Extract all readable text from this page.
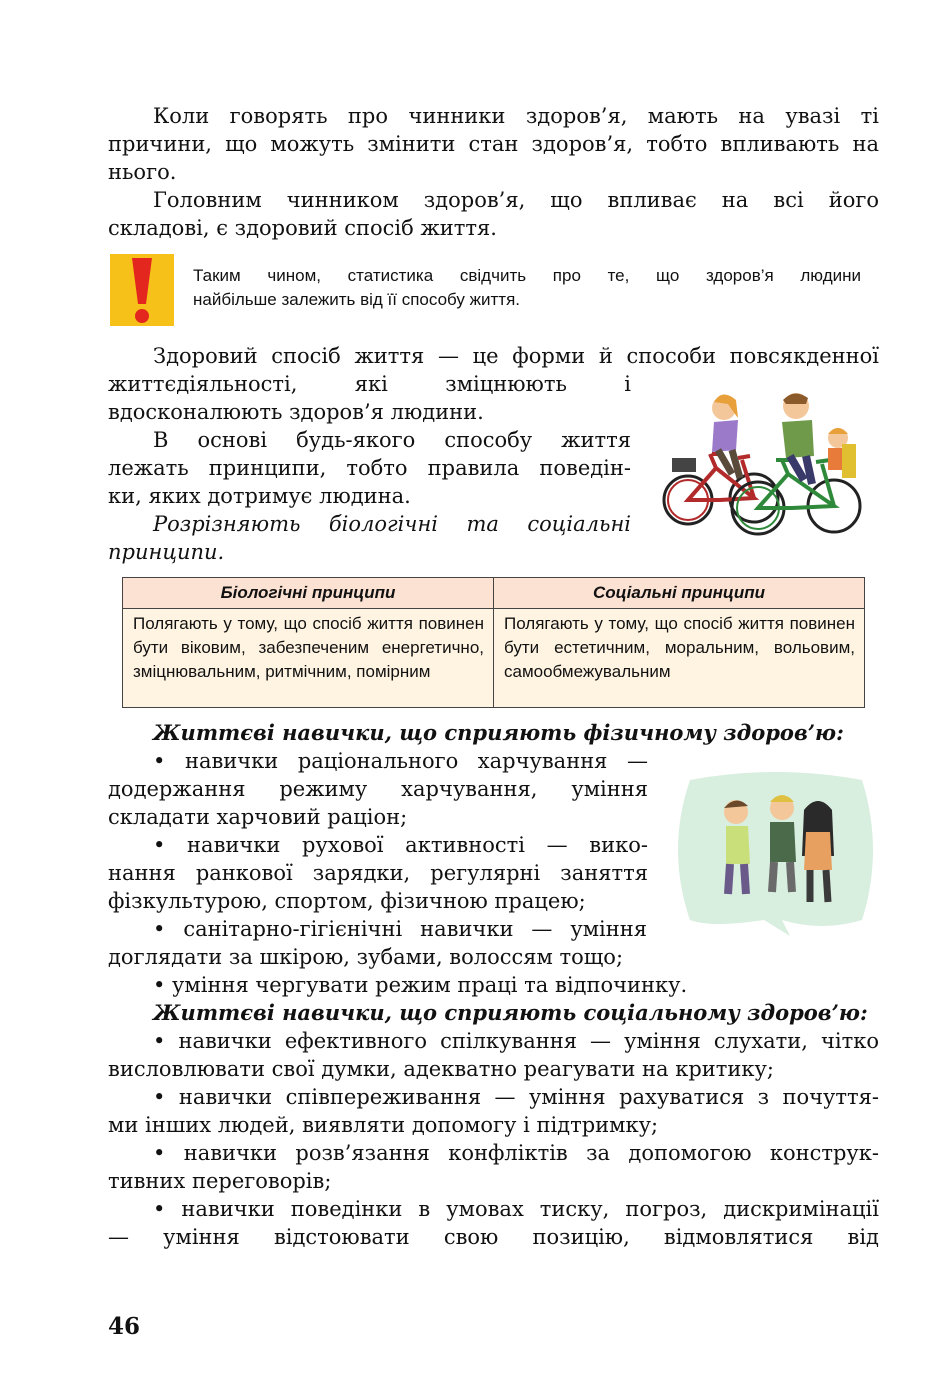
Коли говорять про чинники здоров’я, мають на увазі ті
причини, що можуть змінити стан здоров’я, тобто впливають на
нього.
Головним чинником здоров’я, що впливає на всі його
складові, є здоровий спосіб життя.
Таким чином, статистика свідчить про те, що здоров’я людини
найбільше залежить від її способу життя.
Здоровий спосіб життя — це форми й способи повсякденної
життєдіяльності, які зміцнюють і
вдосконалюють здоров’я людини.
В основі будь-якого способу життя
лежать принципи, тобто правила поведін-
ки, яких дотримує людина.
Розрізняють біологічні та соціальні
принципи.
Біологічні принципи	Соціальні принципи
Полягають у тому, що спосіб життя повинен бути віковим, забезпеченим енергетично, зміцнювальним, ритмічним, помірним	Полягають у тому, що спосіб життя повинен бути естетичним, моральним, вольовим, самообмежувальним
Життєві навички, що сприяють фізичному здоров’ю:
• навички раціонального харчування —
додержання режиму харчування, уміння
складати харчовий раціон;
• навички рухової активності — вико-
нання ранкової зарядки, регулярні заняття
фізкультурою, спортом, фізичною працею;
• санітарно-гігієнічні навички — уміння
доглядати за шкірою, зубами, волоссям тощо;
• уміння чергувати режим праці та відпочинку.
Життєві навички, що сприяють соціальному здоров’ю:
• навички ефективного спілкування — уміння слухати, чітко
висловлювати свої думки, адекватно реагувати на критику;
• навички співпереживання — уміння рахуватися з почуття-
ми інших людей, виявляти допомогу і підтримку;
• навички розв’язання конфліктів за допомогою конструк-
тивних переговорів;
• навички поведінки в умовах тиску, погроз, дискримінації
— уміння відстоювати свою позицію, відмовлятися від
46
